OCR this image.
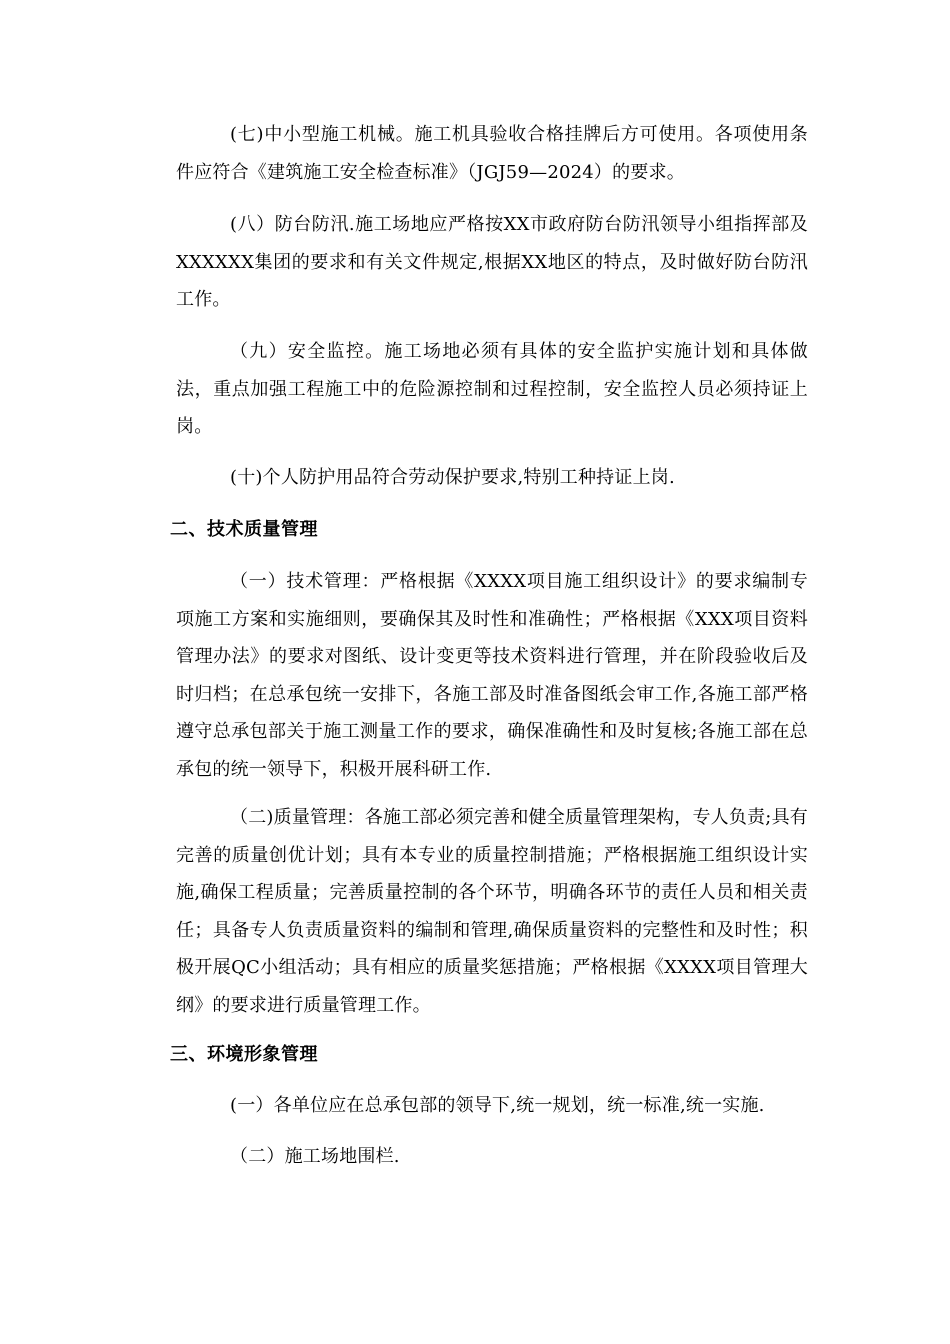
(七)中小型施工机械。施工机具验收合格挂牌后方可使用。各项使用条件应符合《建筑施工安全检查标准》（JGJ59—2024）的要求。

(八）防台防汛.施工场地应严格按XX市政府防台防汛领导小组指挥部及XXXXXX集团的要求和有关文件规定,根据XX地区的特点，及时做好防台防汛工作。

（九）安全监控。施工场地必须有具体的安全监护实施计划和具体做法，重点加强工程施工中的危险源控制和过程控制，安全监控人员必须持证上岗。

(十)个人防护用品符合劳动保护要求,特别工种持证上岗.

二、技术质量管理

（一）技术管理：严格根据《XXXX项目施工组织设计》的要求编制专项施工方案和实施细则，要确保其及时性和准确性；严格根据《XXX项目资料管理办法》的要求对图纸、设计变更等技术资料进行管理，并在阶段验收后及时归档；在总承包统一安排下，各施工部及时准备图纸会审工作,各施工部严格遵守总承包部关于施工测量工作的要求，确保准确性和及时复核;各施工部在总承包的统一领导下，积极开展科研工作.

（二)质量管理：各施工部必须完善和健全质量管理架构，专人负责;具有完善的质量创优计划；具有本专业的质量控制措施；严格根据施工组织设计实施,确保工程质量；完善质量控制的各个环节，明确各环节的责任人员和相关责任；具备专人负责质量资料的编制和管理,确保质量资料的完整性和及时性；积极开展QC小组活动；具有相应的质量奖惩措施；严格根据《XXXX项目管理大纲》的要求进行质量管理工作。

三、环境形象管理

(一）各单位应在总承包部的领导下,统一规划，统一标准,统一实施.

（二）施工场地围栏.
